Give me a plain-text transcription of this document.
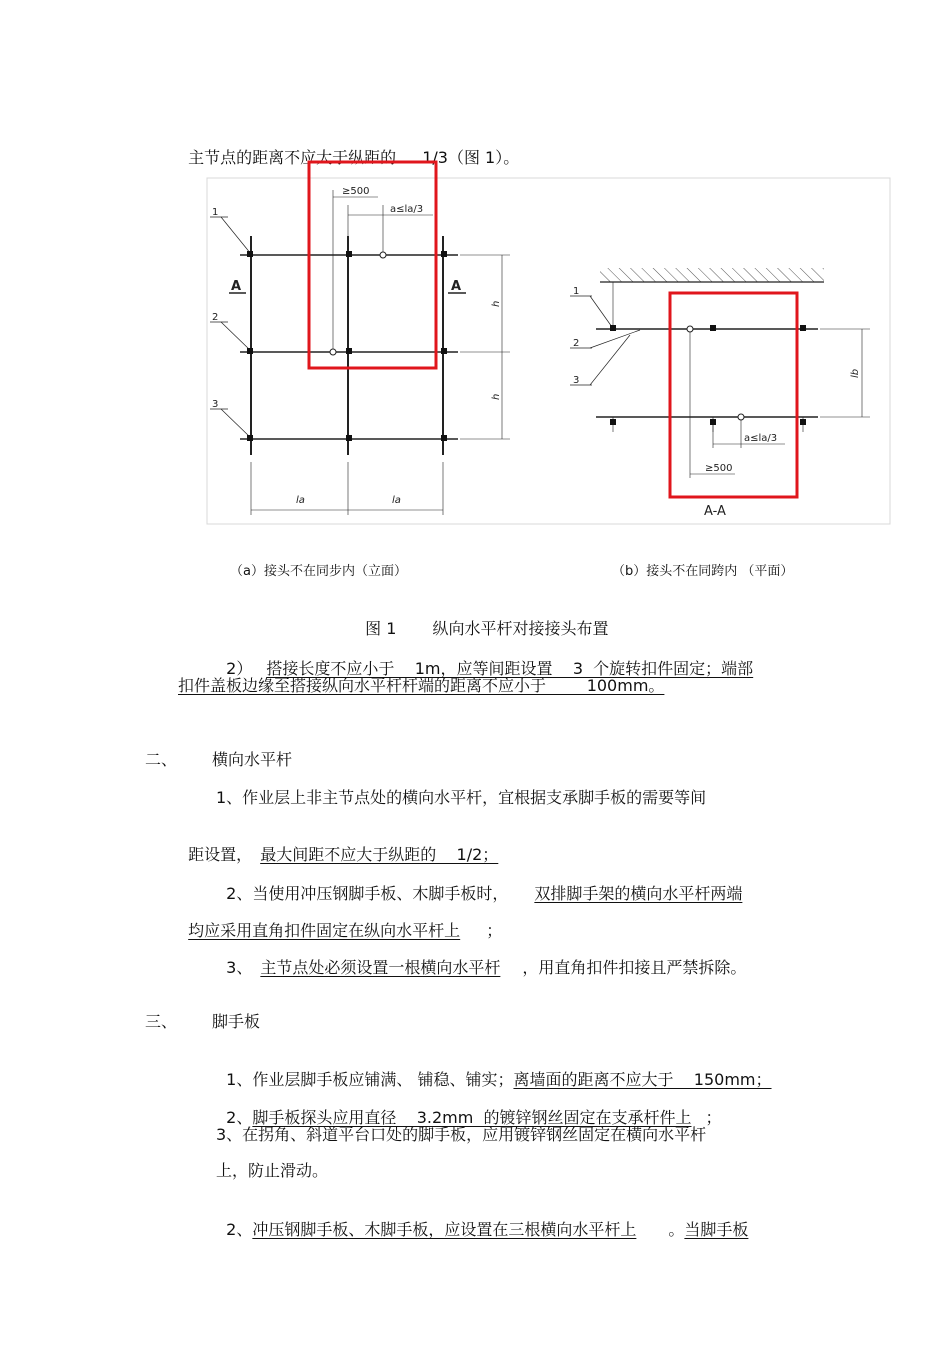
主节点的距离不应大于纵距的 1/3（图 1）。

≥500
a≤la/3
1
2
3
la	la
A	A
h
h
1
2
3
a≤la/3
≥500
lb
A-A
（a）接头不在同步内（立面）	（b）接头不在同跨内 （平面）

图 1 纵向水平杆对接接头布置

2） 搭接长度不应小于    1m，应等间距设置    3  个旋转扣件固定；端部

扣件盖板边缘至搭接纵向水平杆杆端的距离不应小于        100mm。
二、 横向水平杆
1、作业层上非主节点处的横向水平杆，宜根据支承脚手板的需要等间

距设置， 最大间距不应大于纵距的    1/2；

2、当使用冲压钢脚手板、木脚手板时， 双排脚手架的横向水平杆两端

均应采用直角扣件固定在纵向水平杆上 ；

3、 主节点处必须设置一根横向水平杆 ，用直角扣件扣接且严禁拆除。

三、 脚手板

1、作业层脚手板应铺满、 铺稳、铺实；离墙面的距离不应大于    150mm；

2、脚手板探头应用直径    3.2mm  的镀锌钢丝固定在支承杆件上 ；

3、在拐角、斜道平台口处的脚手板，应用镀锌钢丝固定在横向水平杆
上，防止滑动。

2、冲压钢脚手板、木脚手板，应设置在三根横向水平杆上 。当脚手板
